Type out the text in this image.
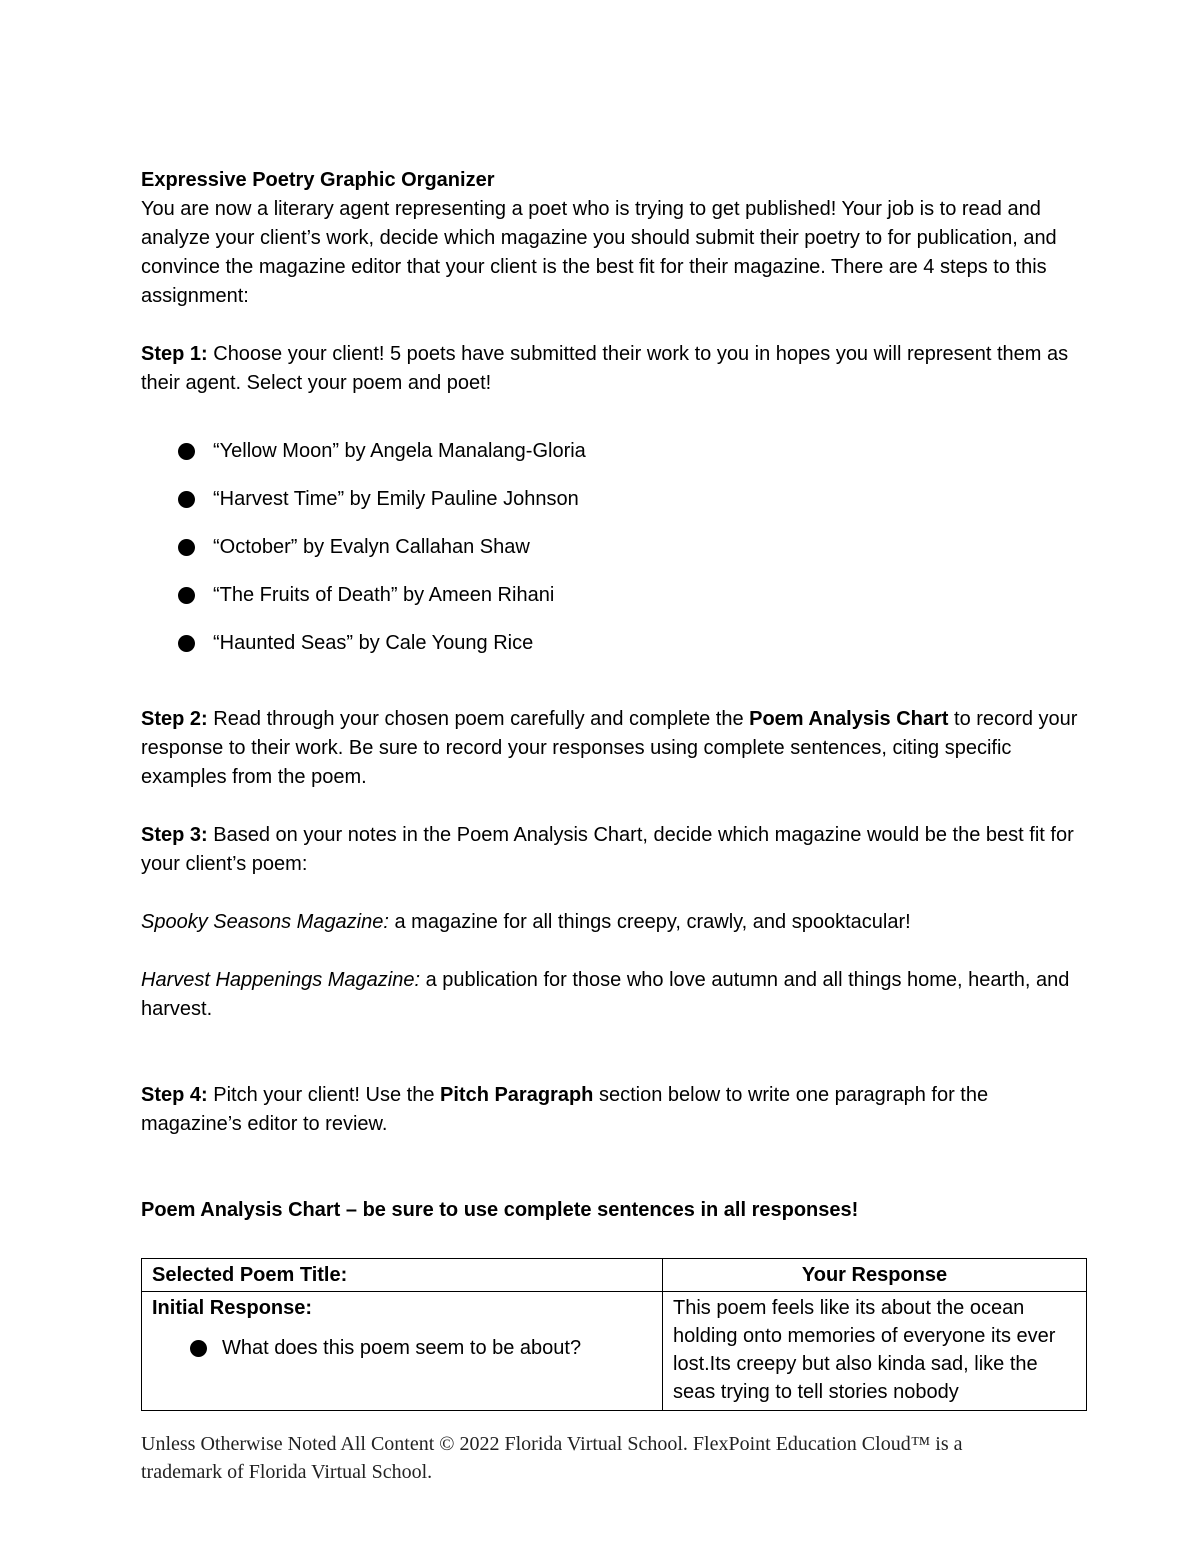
Expressive Poetry Graphic Organizer

You are now a literary agent representing a poet who is trying to get published! Your job is to read and analyze your client’s work, decide which magazine you should submit their poetry to for publication, and convince the magazine editor that your client is the best fit for their magazine. There are 4 steps to this assignment:

Step 1: Choose your client! 5 poets have submitted their work to you in hopes you will represent them as their agent. Select your poem and poet!

“Yellow Moon” by Angela Manalang-Gloria
“Harvest Time” by Emily Pauline Johnson
“October” by Evalyn Callahan Shaw
“The Fruits of Death” by Ameen Rihani
“Haunted Seas” by Cale Young Rice

Step 2: Read through your chosen poem carefully and complete the Poem Analysis Chart to record your response to their work. Be sure to record your responses using complete sentences, citing specific examples from the poem.

Step 3: Based on your notes in the Poem Analysis Chart, decide which magazine would be the best fit for your client’s poem:

Spooky Seasons Magazine: a magazine for all things creepy, crawly, and spooktacular!

Harvest Happenings Magazine: a publication for those who love autumn and all things home, hearth, and harvest.

Step 4: Pitch your client! Use the Pitch Paragraph section below to write one paragraph for the magazine’s editor to review.

Poem Analysis Chart – be sure to use complete sentences in all responses!

Selected Poem Title:	Your Response

Initial Response:
What does this poem seem to be about?	This poem feels like its about the ocean holding onto memories of everyone its ever lost.Its creepy but also kinda sad, like the seas trying to tell stories nobody
Unless Otherwise Noted All Content © 2022 Florida Virtual School. FlexPoint Education Cloud™ is a trademark of Florida Virtual School.
